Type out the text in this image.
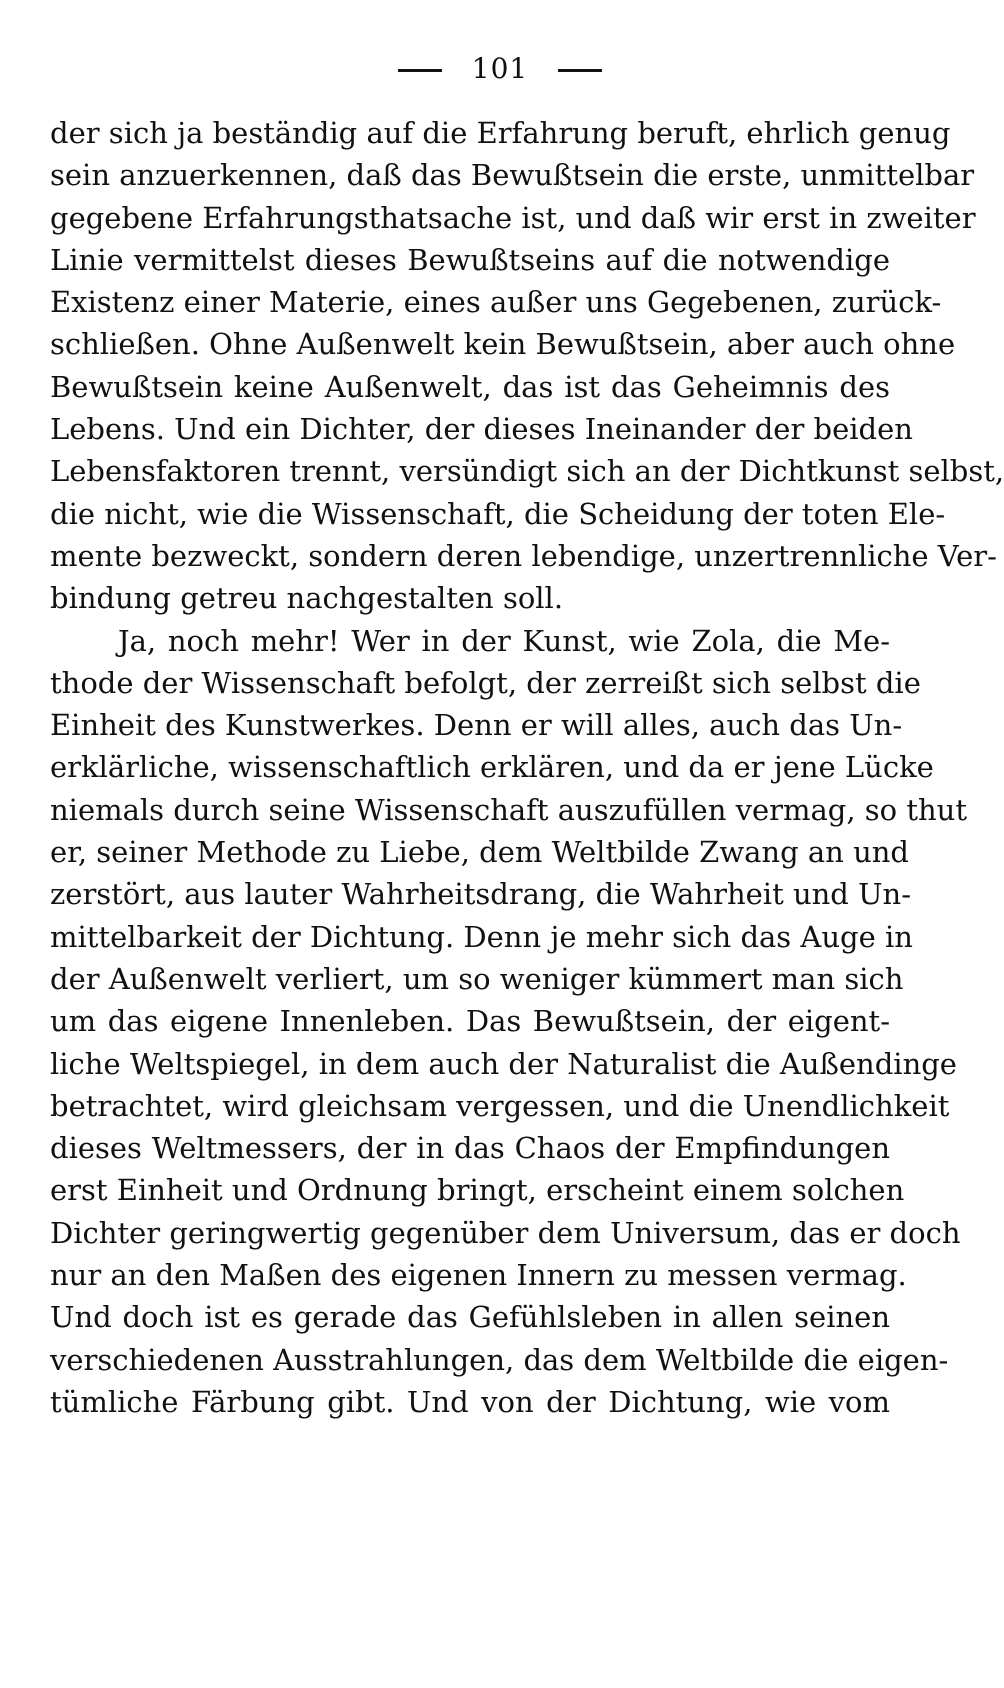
101
der sich ja beständig auf die Erfahrung beruft, ehrlich genug
sein anzuerkennen, daß das Bewußtsein die erste, unmittelbar
gegebene Erfahrungsthatsache ist, und daß wir erst in zweiter
Linie vermittelst dieses Bewußtseins auf die notwendige
Existenz einer Materie, eines außer uns Gegebenen, zurück-
schließen. Ohne Außenwelt kein Bewußtsein, aber auch ohne
Bewußtsein keine Außenwelt, das ist das Geheimnis des
Lebens. Und ein Dichter, der dieses Ineinander der beiden
Lebensfaktoren trennt, versündigt sich an der Dichtkunst selbst,
die nicht, wie die Wissenschaft, die Scheidung der toten Ele-
mente bezweckt, sondern deren lebendige, unzertrennliche Ver-
bindung getreu nachgestalten soll.
Ja, noch mehr! Wer in der Kunst, wie Zola, die Me-
thode der Wissenschaft befolgt, der zerreißt sich selbst die
Einheit des Kunstwerkes. Denn er will alles, auch das Un-
erklärliche, wissenschaftlich erklären, und da er jene Lücke
niemals durch seine Wissenschaft auszufüllen vermag, so thut
er, seiner Methode zu Liebe, dem Weltbilde Zwang an und
zerstört, aus lauter Wahrheitsdrang, die Wahrheit und Un-
mittelbarkeit der Dichtung. Denn je mehr sich das Auge in
der Außenwelt verliert, um so weniger kümmert man sich
um das eigene Innenleben. Das Bewußtsein, der eigent-
liche Weltspiegel, in dem auch der Naturalist die Außendinge
betrachtet, wird gleichsam vergessen, und die Unendlichkeit
dieses Weltmessers, der in das Chaos der Empfindungen
erst Einheit und Ordnung bringt, erscheint einem solchen
Dichter geringwertig gegenüber dem Universum, das er doch
nur an den Maßen des eigenen Innern zu messen vermag.
Und doch ist es gerade das Gefühlsleben in allen seinen
verschiedenen Ausstrahlungen, das dem Weltbilde die eigen-
tümliche Färbung gibt. Und von der Dichtung, wie vom
